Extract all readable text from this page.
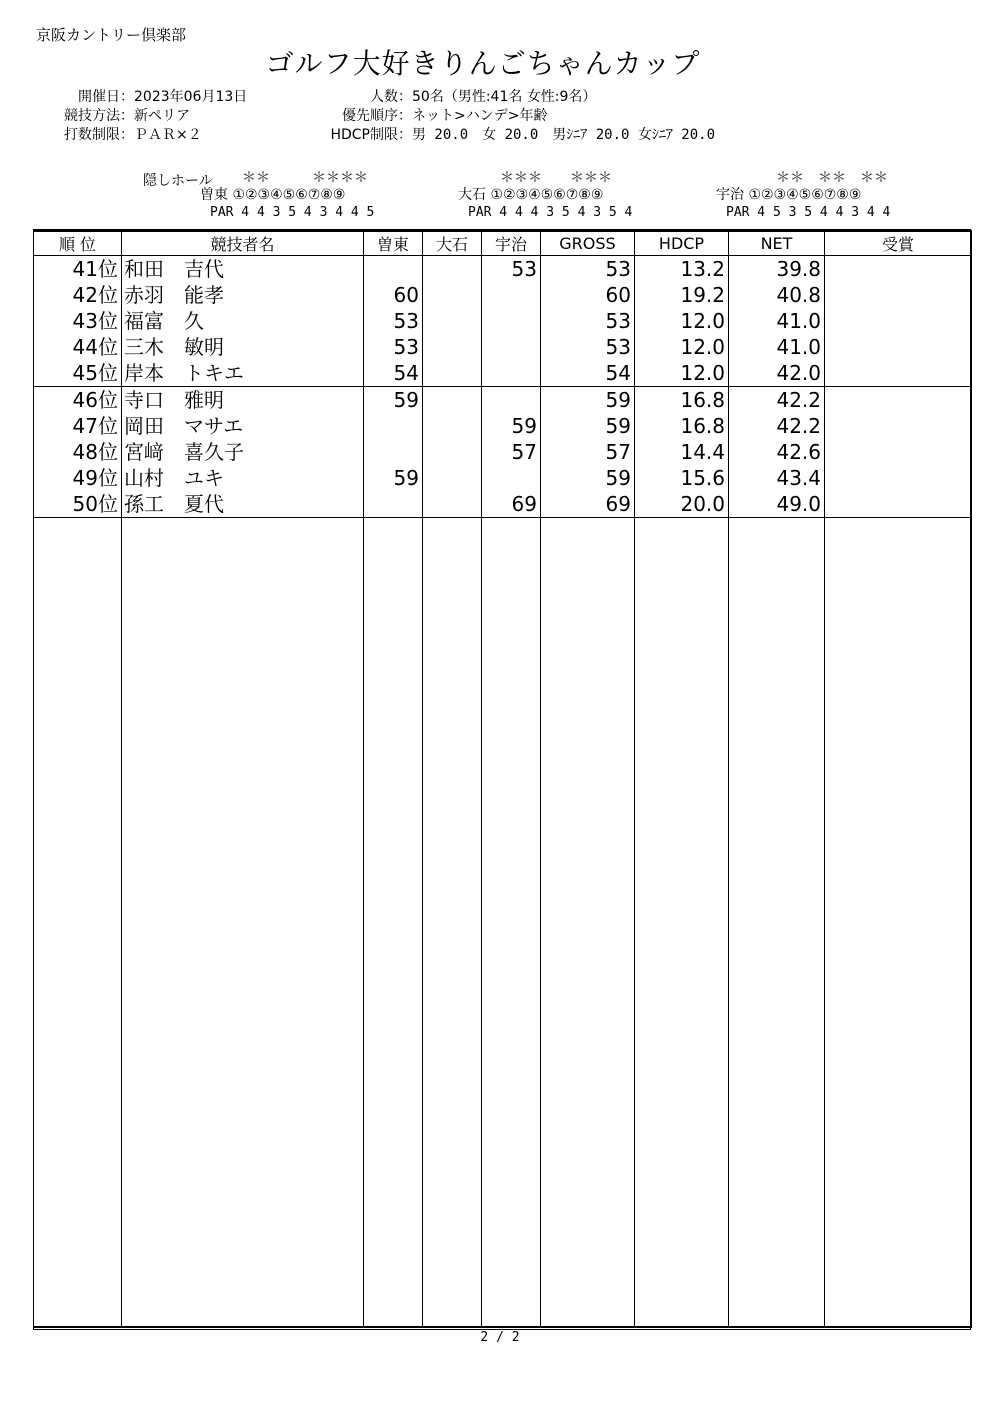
京阪カントリー倶楽部
ゴルフ大好きりんごちゃんカップ
開催日：2023年06月13日
競技方法：新ペリア
打数制限：ＰＡＲ×２
人数：50名（男性:41名 女性:9名）
優先順序：ネット>ハンデ>年齢
HDCP制限：男 20.0　女 20.0　男ｼﾆｱ 20.0 女ｼﾆｱ 20.0
隠しホール	＊＊　　　＊＊＊＊
曽東 ①②③④⑤⑥⑦⑧⑨
PAR 4 4 3 5 4 3 4 4 5
＊＊＊　　＊＊＊
大石 ①②③④⑤⑥⑦⑧⑨
PAR 4 4 4 3 5 4 3 5 4
＊＊　＊＊　＊＊
宇治 ①②③④⑤⑥⑦⑧⑨
PAR 4 5 3 5 4 4 3 4 4
順 位	競技者名	曽東	大石	宇治	GROSS	HDCP	NET	受賞
41位	和田　吉代			53	53	13.2	39.8	
42位	赤羽　能孝	60			60	19.2	40.8	
43位	福富　久	53			53	12.0	41.0	
44位	三木　敏明	53			53	12.0	41.0	
45位	岸本　トキエ	54			54	12.0	42.0	
46位	寺口　雅明	59			59	16.8	42.2	
47位	岡田　マサエ			59	59	16.8	42.2	
48位	宮﨑　喜久子			57	57	14.4	42.6	
49位	山村　ユキ	59			59	15.6	43.4	
50位	孫工　夏代			69	69	20.0	49.0	

2 / 2
